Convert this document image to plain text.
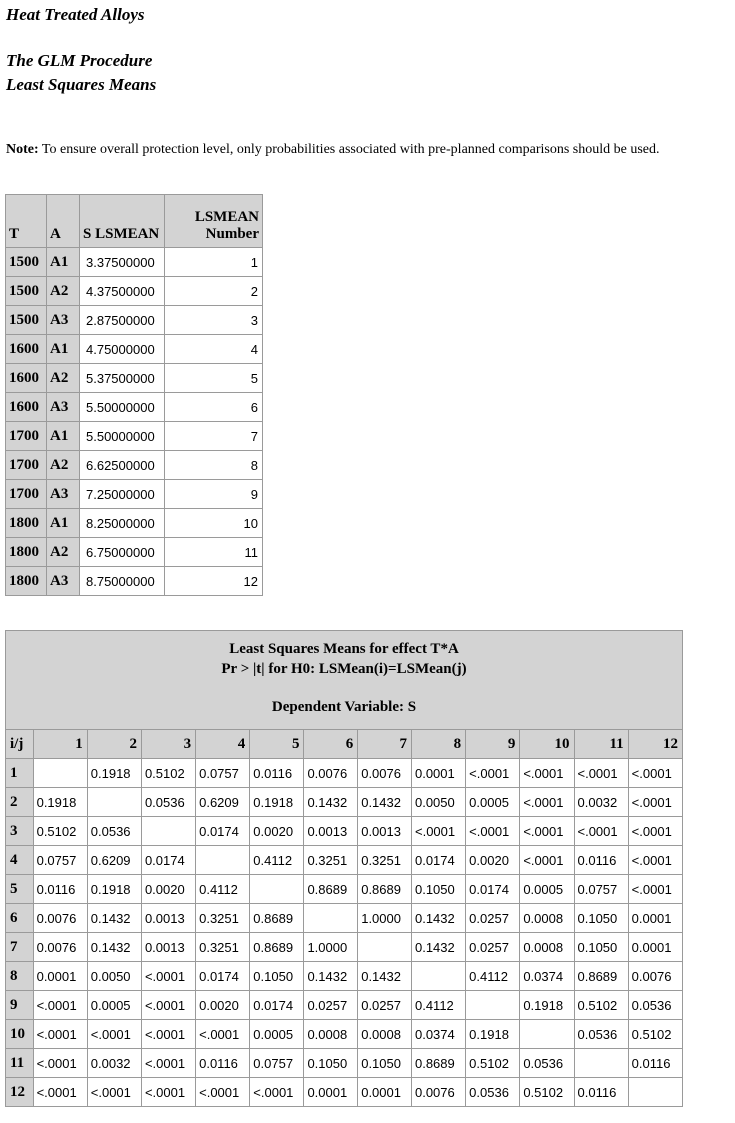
Heat Treated Alloys
The GLM Procedure
Least Squares Means
Note: To ensure overall protection level, only probabilities associated with pre-planned comparisons should be used.
T	A	S LSMEAN	LSMEAN Number
1500	A1	3.37500000	1
1500	A2	4.37500000	2
1500	A3	2.87500000	3
1600	A1	4.75000000	4
1600	A2	5.37500000	5
1600	A3	5.50000000	6
1700	A1	5.50000000	7
1700	A2	6.62500000	8
1700	A3	7.25000000	9
1800	A1	8.25000000	10
1800	A2	6.75000000	11
1800	A3	8.75000000	12
Least Squares Means for effect T*A
Pr > |t| for H0: LSMean(i)=LSMean(j)
Dependent Variable: S												

i/j	1	2	3	4	5	6	7	8	9	10	11	12
1		0.1918	0.5102	0.0757	0.0116	0.0076	0.0076	0.0001	<.0001	<.0001	<.0001	<.0001
2	0.1918		0.0536	0.6209	0.1918	0.1432	0.1432	0.0050	0.0005	<.0001	0.0032	<.0001
3	0.5102	0.0536		0.0174	0.0020	0.0013	0.0013	<.0001	<.0001	<.0001	<.0001	<.0001
4	0.0757	0.6209	0.0174		0.4112	0.3251	0.3251	0.0174	0.0020	<.0001	0.0116	<.0001
5	0.0116	0.1918	0.0020	0.4112		0.8689	0.8689	0.1050	0.0174	0.0005	0.0757	<.0001
6	0.0076	0.1432	0.0013	0.3251	0.8689		1.0000	0.1432	0.0257	0.0008	0.1050	0.0001
7	0.0076	0.1432	0.0013	0.3251	0.8689	1.0000		0.1432	0.0257	0.0008	0.1050	0.0001
8	0.0001	0.0050	<.0001	0.0174	0.1050	0.1432	0.1432		0.4112	0.0374	0.8689	0.0076
9	<.0001	0.0005	<.0001	0.0020	0.0174	0.0257	0.0257	0.4112		0.1918	0.5102	0.0536
10	<.0001	<.0001	<.0001	<.0001	0.0005	0.0008	0.0008	0.0374	0.1918		0.0536	0.5102
11	<.0001	0.0032	<.0001	0.0116	0.0757	0.1050	0.1050	0.8689	0.5102	0.0536		0.0116
12	<.0001	<.0001	<.0001	<.0001	<.0001	0.0001	0.0001	0.0076	0.0536	0.5102	0.0116	
